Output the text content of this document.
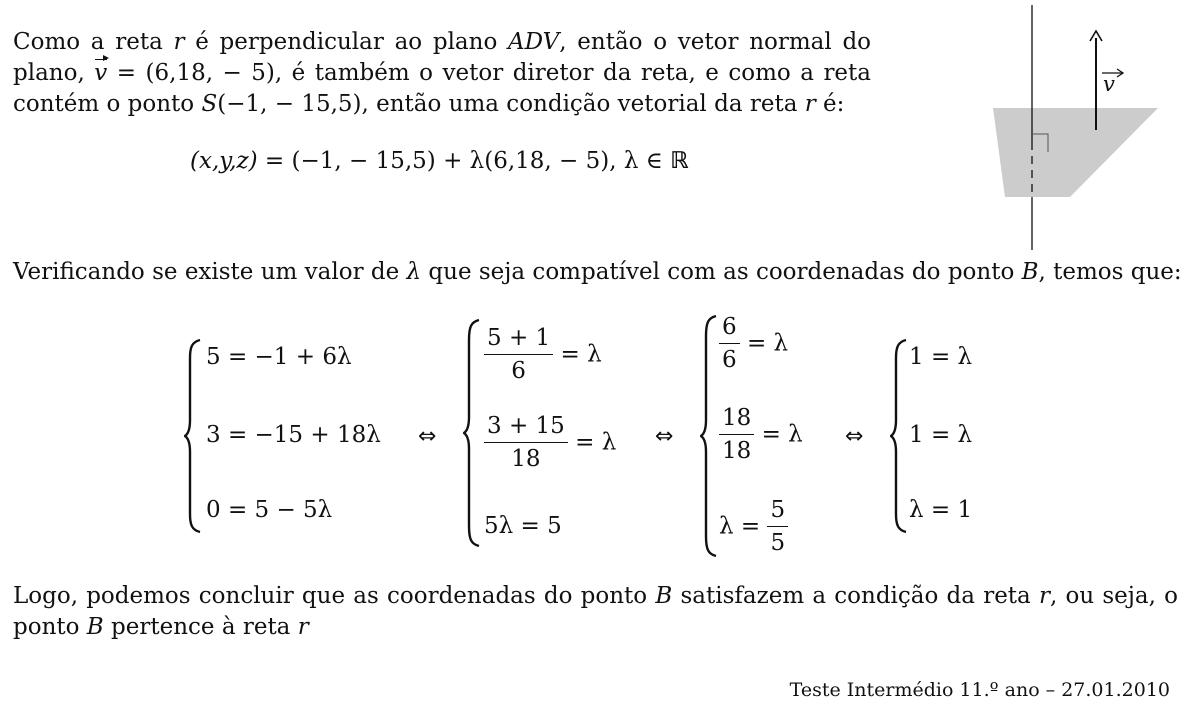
Como a reta r é perpendicular ao plano ADV, então o vetor normal do plano, v = (6,18, − 5), é também o vetor diretor da reta, e como a reta contém o ponto S(−1, − 15,5), então uma condição vetorial da reta r é:
(x,y,z) = (−1, − 15,5) + λ(6,18, − 5), λ ∈ ℝ
v
Verificando se existe um valor de λ que seja compatível com as coordenadas do ponto B, temos que:
5 = −1 + 6λ
3 = −15 + 18λ
0 = 5 − 5λ
⇔
$\frac{5 + 1}{6} = \lambda$
$\frac{3 + 15}{18} = \lambda$
5λ = 5
⇔
$\frac{6}{6} = \lambda$
$\frac{18}{18} = \lambda$
$\lambda = \frac{5}{5}$
⇔
1 = λ
1 = λ
λ = 1
Logo, podemos concluir que as coordenadas do ponto B satisfazem a condição da reta r, ou seja, o ponto B pertence à reta r
Teste Intermédio 11.º ano – 27.01.2010
